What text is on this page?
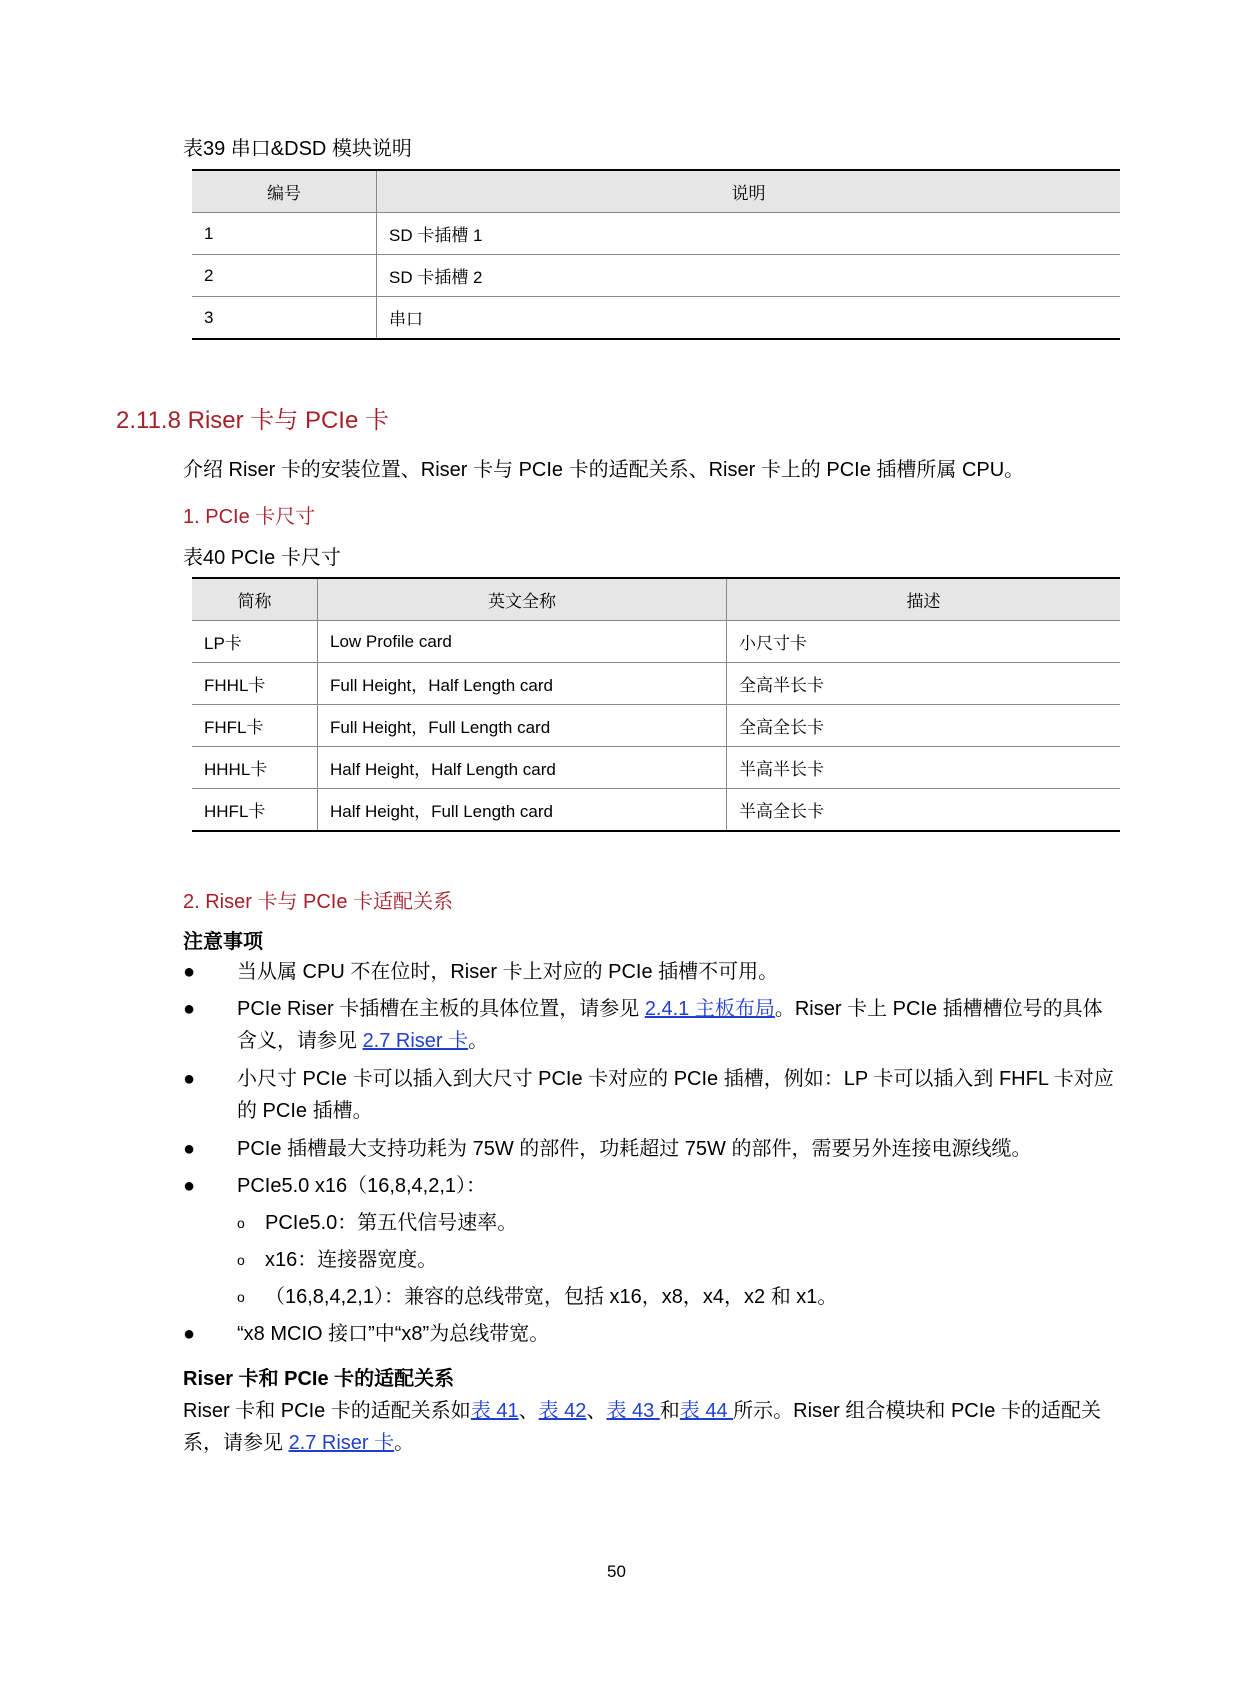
表39 串口&DSD 模块说明
编号	说明
1	SD 卡插槽 1
2	SD 卡插槽 2
3	串口
2.11.8 Riser 卡与 PCIe 卡
介绍 Riser 卡的安装位置、Riser 卡与 PCIe 卡的适配关系、Riser 卡上的 PCIe 插槽所属 CPU。
1. PCIe 卡尺寸
表40 PCIe 卡尺寸
简称	英文全称	描述
LP卡	Low Profile card	小尺寸卡
FHHL卡	Full Height，Half Length card	全高半长卡
FHFL卡	Full Height，Full Length card	全高全长卡
HHHL卡	Half Height，Half Length card	半高半长卡
HHFL卡	Half Height，Full Length card	半高全长卡
2. Riser 卡与 PCIe 卡适配关系
注意事项
● 当从属 CPU 不在位时，Riser 卡上对应的 PCIe 插槽不可用。
● PCIe Riser 卡插槽在主板的具体位置，请参见 2.4.1 主板布局。Riser 卡上 PCIe 插槽槽位号的具体含义，请参见 2.7 Riser 卡。
● 小尺寸 PCIe 卡可以插入到大尺寸 PCIe 卡对应的 PCIe 插槽，例如：LP 卡可以插入到 FHFL 卡对应的 PCIe 插槽。
● PCIe 插槽最大支持功耗为 75W 的部件，功耗超过 75W 的部件，需要另外连接电源线缆。
● PCIe5.0 x16（16,8,4,2,1）：
o PCIe5.0：第五代信号速率。
o x16：连接器宽度。
o （16,8,4,2,1）：兼容的总线带宽，包括 x16，x8，x4，x2 和 x1。
● “x8 MCIO 接口”中“x8”为总线带宽。
Riser 卡和 PCIe 卡的适配关系
Riser 卡和 PCIe 卡的适配关系如表 41、表 42、表 43 和表 44 所示。Riser 组合模块和 PCIe 卡的适配关系，请参见 2.7 Riser 卡。
50
